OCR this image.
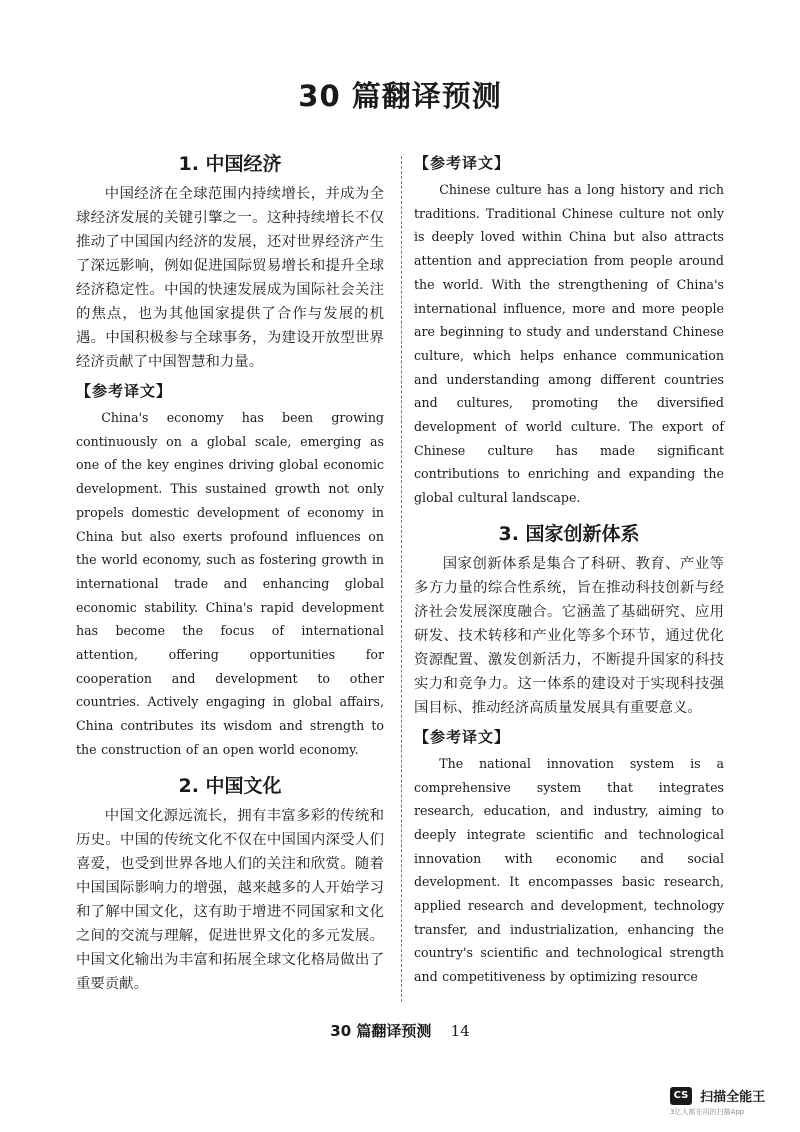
30 篇翻译预测
1. 中国经济

中国经济在全球范围内持续增长，并成为全球经济发展的关键引擎之一。这种持续增长不仅推动了中国国内经济的发展，还对世界经济产生了深远影响，例如促进国际贸易增长和提升全球经济稳定性。中国的快速发展成为国际社会关注的焦点，也为其他国家提供了合作与发展的机遇。中国积极参与全球事务，为建设开放型世界经济贡献了中国智慧和力量。

【参考译文】

China's economy has been growing continuously on a global scale, emerging as one of the key engines driving global economic development. This sustained growth not only propels domestic development of economy in China but also exerts profound influences on the world economy, such as fostering growth in international trade and enhancing global economic stability. China's rapid development has become the focus of international attention, offering opportunities for cooperation and development to other countries. Actively engaging in global affairs, China contributes its wisdom and strength to the construction of an open world economy.

2. 中国文化

中国文化源远流长，拥有丰富多彩的传统和历史。中国的传统文化不仅在中国国内深受人们喜爱，也受到世界各地人们的关注和欣赏。随着中国国际影响力的增强，越来越多的人开始学习和了解中国文化，这有助于增进不同国家和文化之间的交流与理解，促进世界文化的多元发展。中国文化输出为丰富和拓展全球文化格局做出了重要贡献。

【参考译文】

Chinese culture has a long history and rich traditions. Traditional Chinese culture not only is deeply loved within China but also attracts attention and appreciation from people around the world. With the strengthening of China's international influence, more and more people are beginning to study and understand Chinese culture, which helps enhance communication and understanding among different countries and cultures, promoting the diversified development of world culture. The export of Chinese culture has made significant contributions to enriching and expanding the global cultural landscape.

3. 国家创新体系

国家创新体系是集合了科研、教育、产业等多方力量的综合性系统，旨在推动科技创新与经济社会发展深度融合。它涵盖了基础研究、应用研发、技术转移和产业化等多个环节，通过优化资源配置、激发创新活力，不断提升国家的科技实力和竞争力。这一体系的建设对于实现科技强国目标、推动经济高质量发展具有重要意义。

【参考译文】

The national innovation system is a comprehensive system that integrates research, education, and industry, aiming to deeply integrate scientific and technological innovation with economic and social development. It encompasses basic research, applied research and development, technology transfer, and industrialization, enhancing the country's scientific and technological strength and competitiveness by optimizing resource

30 篇翻译预测 14
CS 扫描全能王
3亿人都在用的扫描App
